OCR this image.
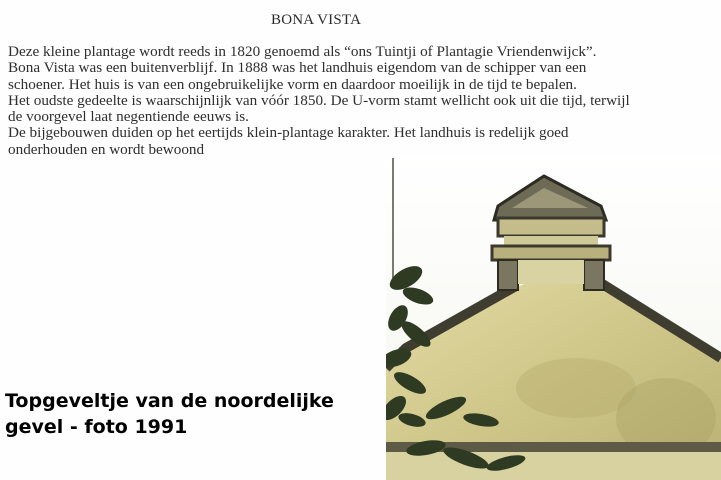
BONA VISTA

Deze kleine plantage wordt reeds in 1820 genoemd als “ons Tuintji of Plantagie Vriendenwijck”.
Bona Vista was een buitenverblijf. In 1888 was het landhuis eigendom van de schipper van een
schoener. Het huis is van een ongebruikelijke vorm en daardoor moeilijk in de tijd te bepalen.
Het oudste gedeelte is waarschijnlijk van vóór 1850. De U-vorm stamt wellicht ook uit die tijd, terwijl
de voorgevel laat negentiende eeuws is.
De bijgebouwen duiden op het eertijds klein-plantage karakter. Het landhuis is redelijk goed
onderhouden en wordt bewoond

Topgeveltje van de noordelijke
gevel - foto 1991
